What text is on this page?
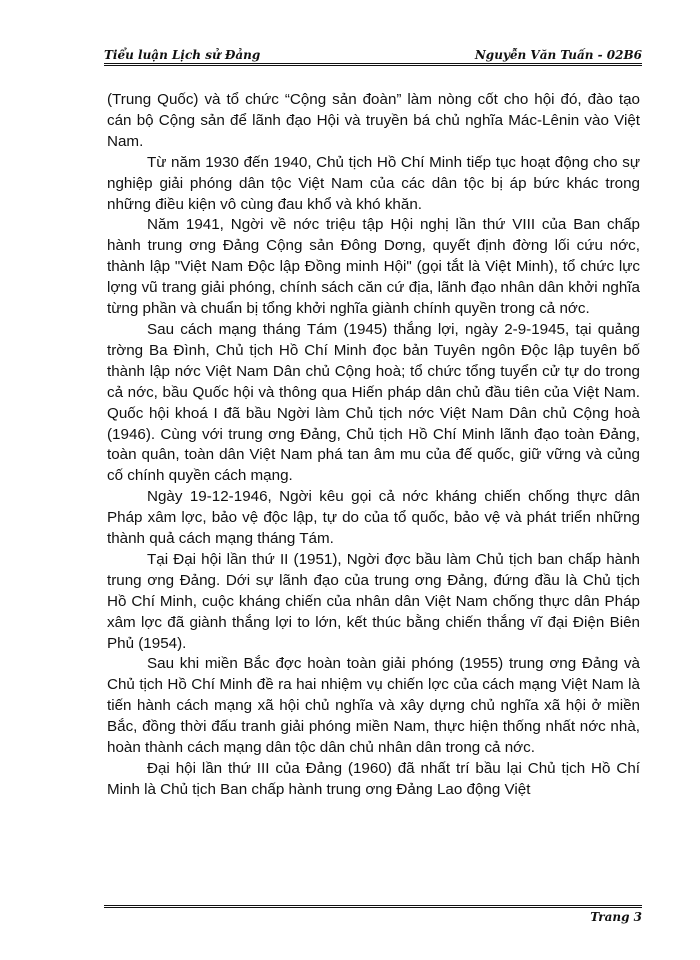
Tiểu luận Lịch sử Đảng	Nguyễn Văn Tuấn - 02B6

(Trung Quốc) và tổ chức “Cộng sản đoàn” làm nòng cốt cho hội đó, đào tạo cán bộ Cộng sản để lãnh đạo Hội và truyền bá chủ nghĩa Mác-Lênin vào Việt Nam.

Từ năm 1930 đến 1940, Chủ tịch Hồ Chí Minh tiếp tục hoạt động cho sự nghiệp giải phóng dân tộc Việt Nam của các dân tộc bị áp bức khác trong những điều kiện vô cùng đau khổ và khó khăn.

Năm 1941, Ngời về nớc triệu tập Hội nghị lần thứ VIII của Ban chấp hành trung ơng Đảng Cộng sản Đông Dơng, quyết định đờng lối cứu nớc, thành lập "Việt Nam Độc lập Đồng minh Hội" (gọi tắt là Việt Minh), tổ chức lực lợng vũ trang giải phóng, chính sách căn cứ địa, lãnh đạo nhân dân khởi nghĩa từng phần và chuẩn bị tổng khởi nghĩa giành chính quyền trong cả nớc.

Sau cách mạng tháng Tám (1945) thắng lợi, ngày 2-9-1945, tại quảng trờng Ba Đình, Chủ tịch Hồ Chí Minh đọc bản Tuyên ngôn Độc lập tuyên bố thành lập nớc Việt Nam Dân chủ Cộng hoà; tổ chức tổng tuyển cử tự do trong cả nớc, bầu Quốc hội và thông qua Hiến pháp dân chủ đầu tiên của Việt Nam. Quốc hội khoá I đã bầu Ngời làm Chủ tịch nớc Việt Nam Dân chủ Cộng hoà (1946). Cùng với trung ơng Đảng, Chủ tịch Hồ Chí Minh lãnh đạo toàn Đảng, toàn quân, toàn dân Việt Nam phá tan âm mu của đế quốc, giữ vững và củng cố chính quyền cách mạng.

Ngày 19-12-1946, Ngời kêu gọi cả nớc kháng chiến chống thực dân Pháp xâm lợc, bảo vệ độc lập, tự do của tổ quốc, bảo vệ và phát triển những thành quả cách mạng tháng Tám.

Tại Đại hội lần thứ II (1951), Ngời đợc bầu làm Chủ tịch ban chấp hành trung ơng Đảng. Dới sự lãnh đạo của trung ơng Đảng, đứng đầu là Chủ tịch Hồ Chí Minh, cuộc kháng chiến của nhân dân Việt Nam chống thực dân Pháp xâm lợc đã giành thắng lợi to lớn, kết thúc bằng chiến thắng vĩ đại Điện Biên Phủ (1954).

Sau khi miền Bắc đợc hoàn toàn giải phóng (1955) trung ơng Đảng và Chủ tịch Hồ Chí Minh đề ra hai nhiệm vụ chiến lợc của cách mạng Việt Nam là tiến hành cách mạng xã hội chủ nghĩa và xây dựng chủ nghĩa xã hội ở miền Bắc, đồng thời đấu tranh giải phóng miền Nam, thực hiện thống nhất nớc nhà, hoàn thành cách mạng dân tộc dân chủ nhân dân trong cả nớc.

Đại hội lần thứ III của Đảng (1960) đã nhất trí bầu lại Chủ tịch Hồ Chí Minh là Chủ tịch Ban chấp hành trung ơng Đảng Lao động Việt

Trang 3
